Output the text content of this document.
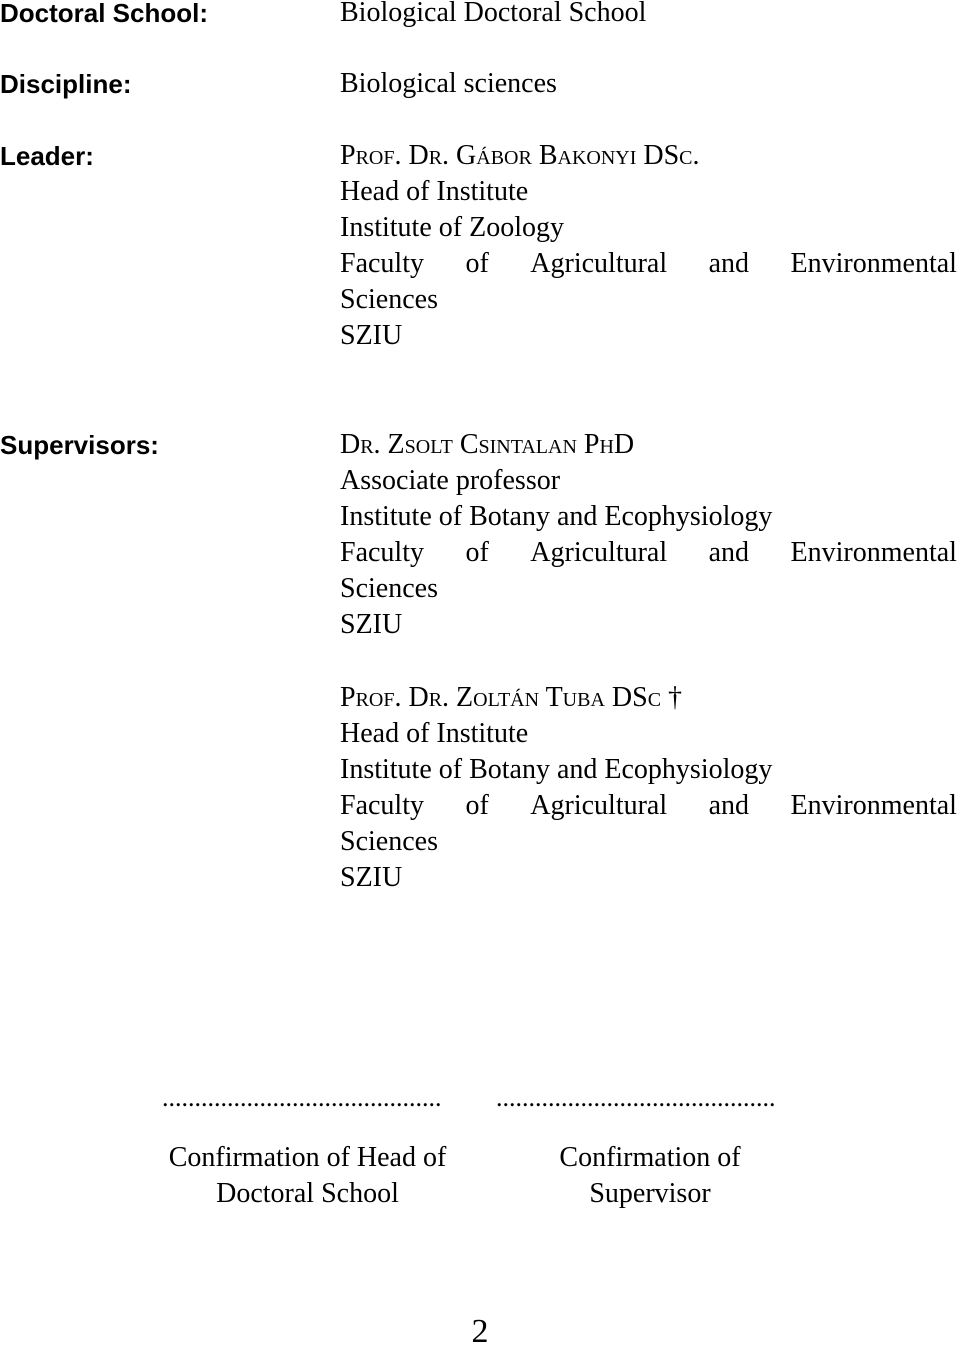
Doctoral School:
Discipline:
Leader:
Supervisors:
Biological Doctoral School
Biological sciences
Prof. Dr. Gábor Bakonyi DSc.
Head of Institute
Institute of Zoology
Faculty of Agricultural and Environmental
Sciences
SZIU
Dr. Zsolt Csintalan PhD
Associate professor
Institute of Botany and Ecophysiology
Faculty of Agricultural and Environmental
Sciences
SZIU
Prof. Dr. Zoltán Tuba DSc †
Head of Institute
Institute of Botany and Ecophysiology
Faculty of Agricultural and Environmental
Sciences
SZIU
...........................................
Confirmation of Head of
Doctoral School
...........................................
Confirmation of
Supervisor
2
